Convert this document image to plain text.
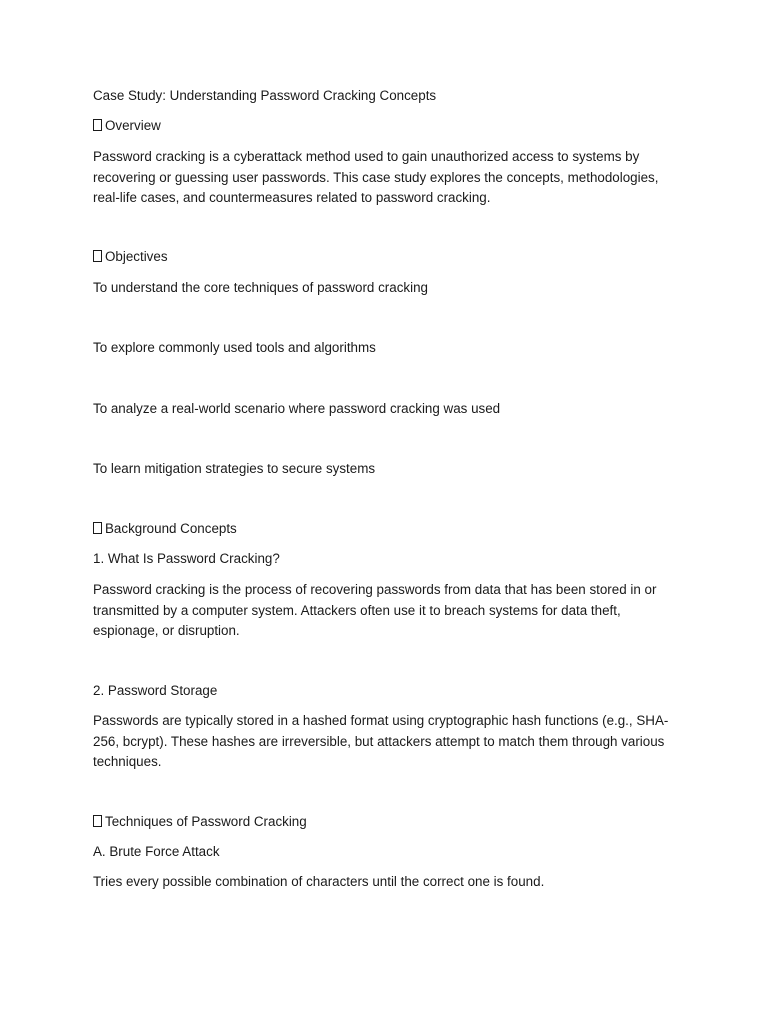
Case Study: Understanding Password Cracking Concepts
Overview
Password cracking is a cyberattack method used to gain unauthorized access to systems by recovering or guessing user passwords. This case study explores the concepts, methodologies, real-life cases, and countermeasures related to password cracking.
Objectives
To understand the core techniques of password cracking
To explore commonly used tools and algorithms
To analyze a real-world scenario where password cracking was used
To learn mitigation strategies to secure systems
Background Concepts
1. What Is Password Cracking?
Password cracking is the process of recovering passwords from data that has been stored in or transmitted by a computer system. Attackers often use it to breach systems for data theft, espionage, or disruption.
2. Password Storage
Passwords are typically stored in a hashed format using cryptographic hash functions (e.g., SHA-256, bcrypt). These hashes are irreversible, but attackers attempt to match them through various techniques.
Techniques of Password Cracking
A. Brute Force Attack
Tries every possible combination of characters until the correct one is found.
